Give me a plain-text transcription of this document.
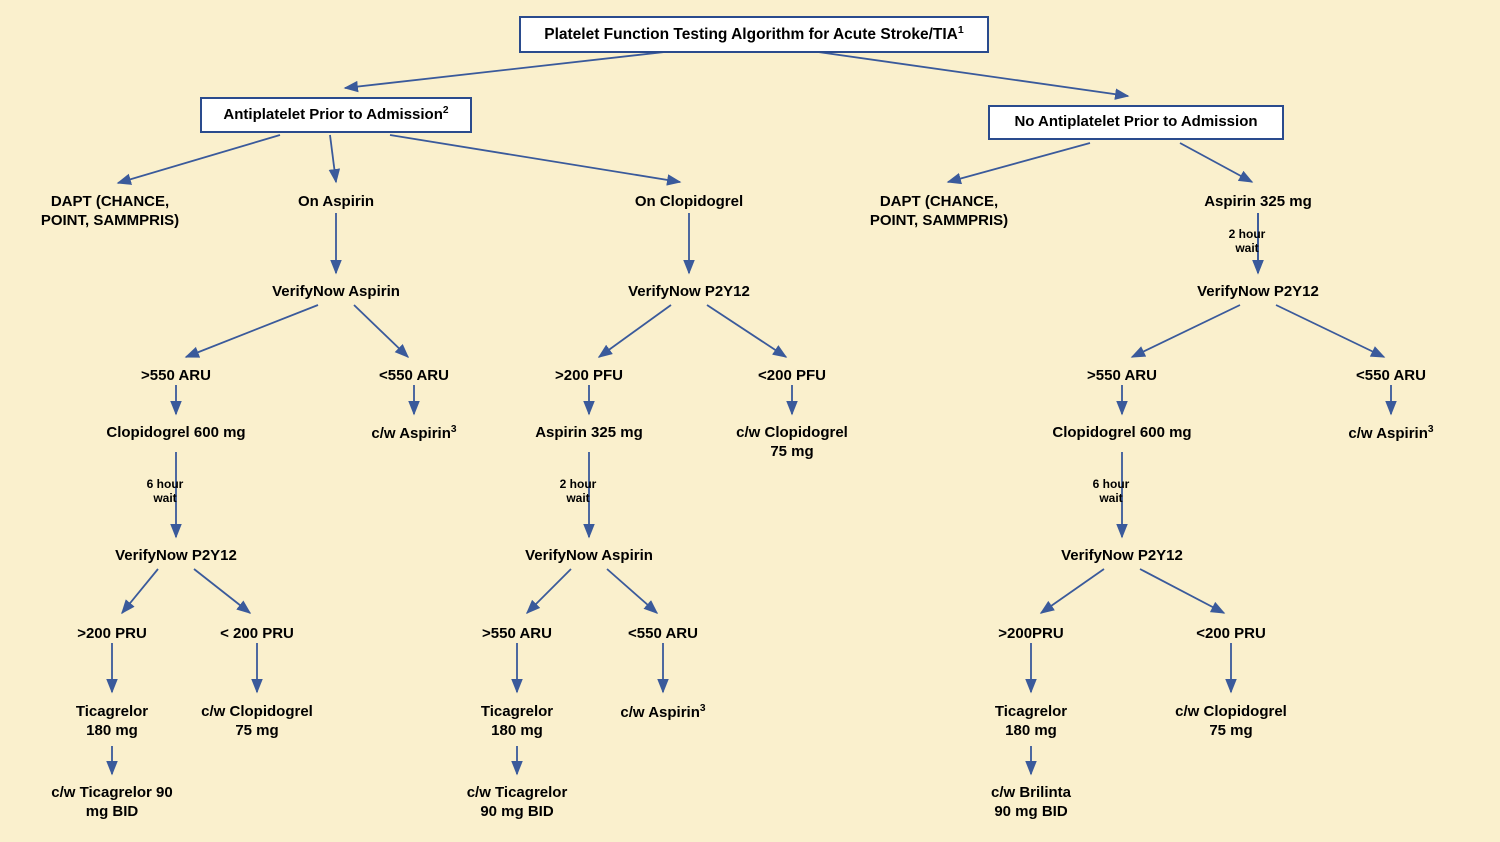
Platelet Function Testing Algorithm for Acute Stroke/TIA$^1$
Antiplatelet Prior to Admission$^2$
No Antiplatelet Prior to Admission
DAPT (CHANCE,
POINT, SAMMPRIS)
On Aspirin	On Clopidogrel	DAPT (CHANCE,
POINT, SAMMPRIS)
Aspirin 325 mg
VerifyNow Aspirin	VerifyNow P2Y12	VerifyNow P2Y12
>550 ARU	<550 ARU	>200 PFU	<200 PFU	>550 ARU	<550 ARU
Clopidogrel 600 mg	c/w Aspirin$^3$	Aspirin 325 mg	c/w Clopidogrel
75 mg
Clopidogrel 600 mg	c/w Aspirin$^3$
VerifyNow P2Y12	VerifyNow Aspirin	VerifyNow P2Y12
>200 PRU	< 200 PRU	>550 ARU	<550 ARU	>200PRU	<200 PRU
Ticagrelor
180 mg
c/w Clopidogrel
75 mg
Ticagrelor
180 mg
c/w Aspirin$^3$	Ticagrelor
180 mg
c/w Clopidogrel
75 mg
c/w Ticagrelor 90
mg BID
c/w Ticagrelor
90 mg BID
c/w Brilinta
90 mg BID
2 hour
wait
6 hour
wait
2 hour
wait
6 hour
wait
